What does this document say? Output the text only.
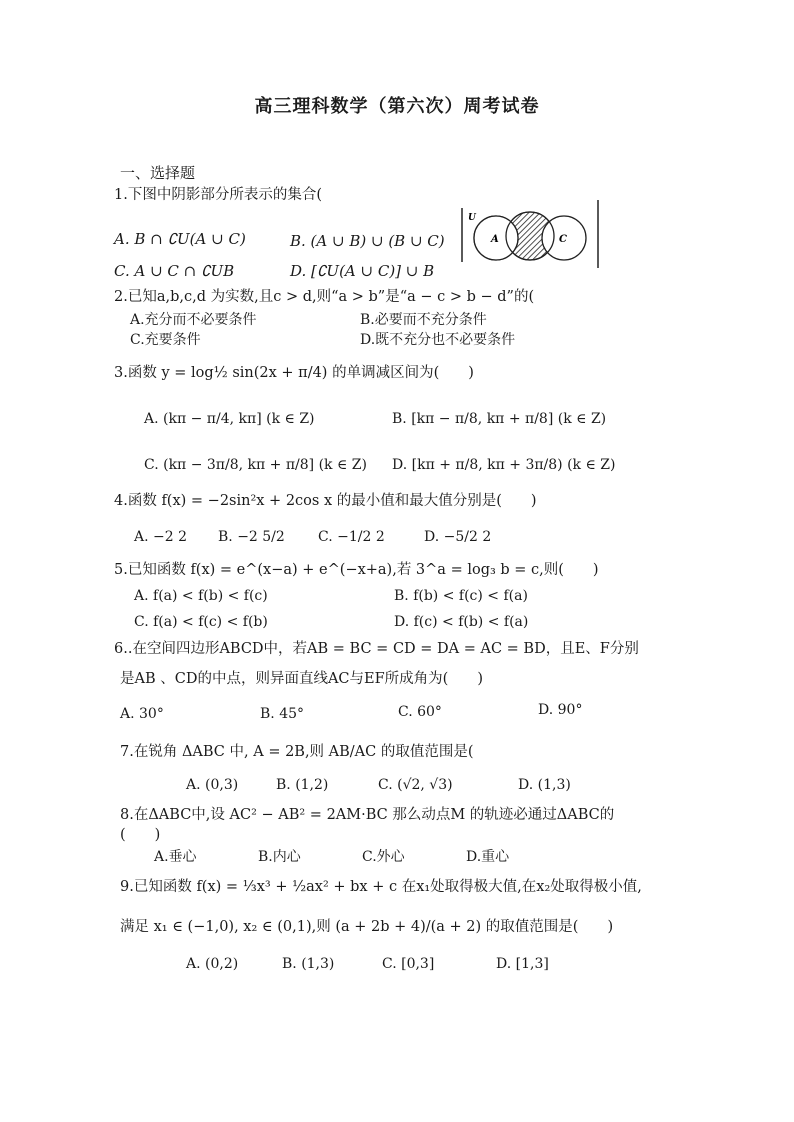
高三理科数学（第六次）周考试卷
一、选择题
1.下图中阴影部分所表示的集合(
A. B ∩ ∁U(A ∪ C)	B. (A ∪ B) ∪ (B ∪ C)
C. A ∪ C ∩ ∁UB	D. [∁U(A ∪ C)] ∪ B
U
A	C
2.已知a,b,c,d 为实数,且c > d,则“a > b”是“a − c > b − d”的(
A.充分而不必要条件	B.必要而不充分条件
C.充要条件	D.既不充分也不必要条件
3.函数 y = log½ sin(2x + π/4) 的单调减区间为(　　)
A. (kπ − π/4, kπ] (k ∈ Z)	B. [kπ − π/8, kπ + π/8] (k ∈ Z)
C. (kπ − 3π/8, kπ + π/8] (k ∈ Z) D. [kπ + π/8, kπ + 3π/8) (k ∈ Z)
4.函数 f(x) = −2sin²x + 2cos x 的最小值和最大值分别是(　　)
A. −2 2 B. −2 5/2 C. −1/2 2	D. −5/2 2
5.已知函数 f(x) = e^(x−a) + e^(−x+a),若 3^a = log₃ b = c,则(　　)
A. f(a) < f(b) < f(c)	B. f(b) < f(c) < f(a)
C. f(a) < f(c) < f(b)	D. f(c) < f(b) < f(a)
6..在空间四边形ABCD中，若AB = BC = CD = DA = AC = BD，且E、F分别
是AB 、CD的中点，则异面直线AC与EF所成角为(　　)
A. 30°	B. 45°	C. 60°	D. 90°
7.在锐角 ΔABC 中, A = 2B,则 AB/AC 的取值范围是(
A. (0,3)	B. (1,2)	C. (√2, √3)	D. (1,3)
8.在ΔABC中,设 AC² − AB² = 2AM·BC 那么动点M 的轨迹必通过ΔABC的
(　　)
A.垂心	B.内心	C.外心	D.重心
9.已知函数 f(x) = ⅓x³ + ½ax² + bx + c 在x₁处取得极大值,在x₂处取得极小值,
满足 x₁ ∈ (−1,0), x₂ ∈ (0,1),则 (a + 2b + 4)/(a + 2) 的取值范围是(　　)
A. (0,2)	B. (1,3)	C. [0,3]	D. [1,3]
